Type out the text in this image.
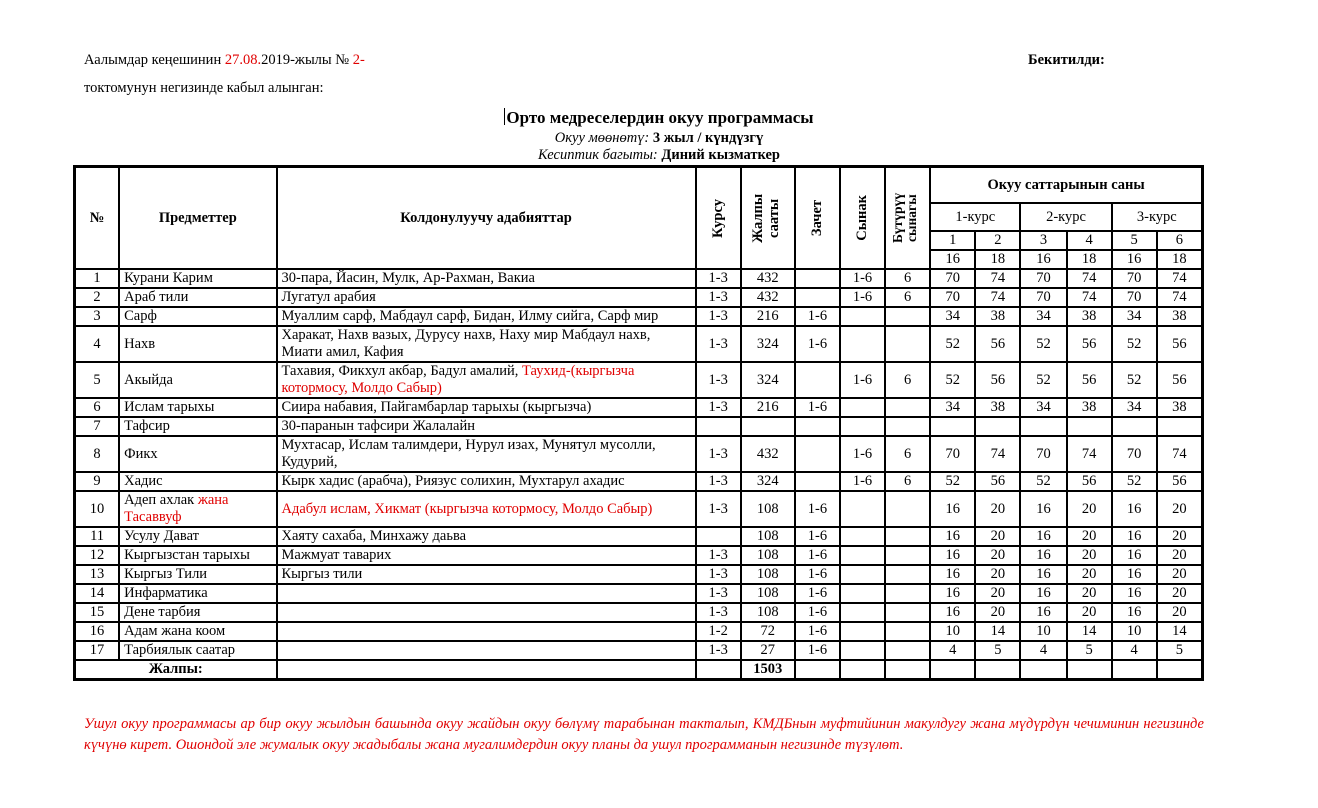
Аалымдар кеңешинин 27.08.2019-жылы № 2-
токтомунун негизинде кабыл алынган:
Бекитилди:
Орто медреселердин окуу программасы
Окуу мөөнөтү: 3 жыл / күндүзгү
Кесиптик багыты: Диний кызматкер
№	Предметтер	Колдонулуучу адабияттар	Курсу	Жалпы сааты	Зачет	Сынак	Бүтүрүү сынагы	Окуу саттарынын саны					
								1-курс		2-курс		3-курс	
								1	2	3	4	5	6
								16	18	16	18	16	18
1	Курани Карим	30-пара, Йасин, Мулк, Ар-Рахман, Вакиа	1-3	432		1-6	6	70	74	70	74	70	74
2	Араб тили	Лугатул арабия	1-3	432		1-6	6	70	74	70	74	70	74
3	Сарф	Муаллим сарф, Мабдаул сарф, Бидан, Илму сийга, Сарф мир	1-3	216	1-6			34	38	34	38	34	38
4	Нахв	Харакат, Нахв вазых, Дурусу нахв, Наху мир Мабдаул нахв, Миати амил, Кафия	1-3	324	1-6			52	56	52	56	52	56
5	Акыйда	Тахавия, Фикхул акбар, Бадул амалий, Таухид-(кыргызча котормосу, Молдо Сабыр)	1-3	324		1-6	6	52	56	52	56	52	56
6	Ислам тарыхы	Сиира набавия, Пайгамбарлар тарыхы (кыргызча)	1-3	216	1-6			34	38	34	38	34	38
7	Тафсир	30-паранын тафсири Жалалайн											
8	Фикх	Мухтасар, Ислам талимдери, Нурул изах, Мунятул мусолли, Кудурий,	1-3	432		1-6	6	70	74	70	74	70	74
9	Хадис	Кырк хадис (арабча), Риязус солихин, Мухтарул ахадис	1-3	324		1-6	6	52	56	52	56	52	56
10	Адеп ахлак жана Тасаввуф	Адабул ислам, Хикмат (кыргызча котормосу, Молдо Сабыр)	1-3	108	1-6			16	20	16	20	16	20
11	Усулу Дават	Хаяту сахаба, Минхажу даьва		108	1-6			16	20	16	20	16	20
12	Кыргызстан тарыхы	Мажмуат таварих	1-3	108	1-6			16	20	16	20	16	20
13	Кыргыз Тили	Кыргыз тили	1-3	108	1-6			16	20	16	20	16	20
14	Инфарматика		1-3	108	1-6			16	20	16	20	16	20
15	Дене тарбия		1-3	108	1-6			16	20	16	20	16	20
16	Адам жана коом		1-2	72	1-6			10	14	10	14	10	14
17	Тарбиялык саатар		1-3	27	1-6			4	5	4	5	4	5
Жалпы:				1503									
Ушул окуу программасы ар бир окуу жылдын башында окуу жайдын окуу бөлүмү тарабынан такталып, КМДБнын муфтийинин макулдугу жана мүдүрдүн чечиминин негизинде күчүнө кирет. Ошондой эле жумалык окуу жадыбалы жана мугалимдердин окуу планы да ушул программанын негизинде түзүлөт.
